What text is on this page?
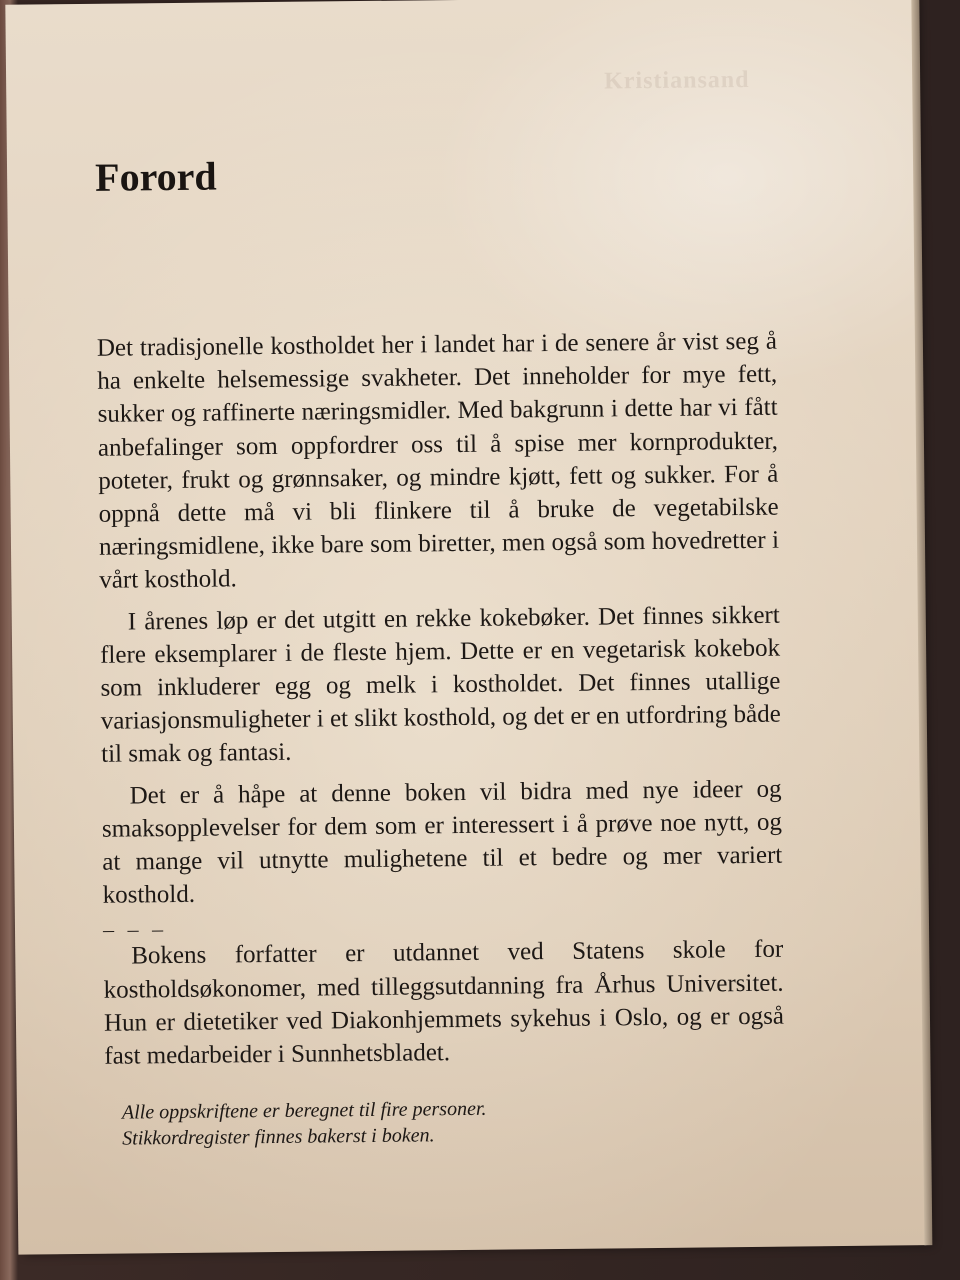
Kristiansand
Forord

Det tradisjonelle kostholdet her i landet har i de senere år vist seg å ha enkelte helsemessige svakheter. Det inneholder for mye fett, sukker og raffinerte næringsmidler. Med bakgrunn i dette har vi fått anbefalinger som oppfordrer oss til å spise mer kornprodukter, poteter, frukt og grønnsaker, og mindre kjøtt, fett og sukker. For å oppnå dette må vi bli flinkere til å bruke de vegetabilske næringsmidlene, ikke bare som biretter, men også som hovedretter i vårt kosthold.

I årenes løp er det utgitt en rekke kokebøker. Det finnes sikkert flere eksemplarer i de fleste hjem. Dette er en vegetarisk kokebok som inkluderer egg og melk i kostholdet. Det finnes utallige variasjonsmuligheter i et slikt kosthold, og det er en utfordring både til smak og fantasi.

Det er å håpe at denne boken vil bidra med nye ideer og smaksopplevelser for dem som er interessert i å prøve noe nytt, og at mange vil utnytte mulighetene til et bedre og mer variert kosthold.

– – –

Bokens forfatter er utdannet ved Statens skole for kostholdsøkonomer, med tilleggsutdanning fra Århus Universitet. Hun er dietetiker ved Diakonhjemmets sykehus i Oslo, og er også fast medarbeider i Sunnhetsbladet.

Alle oppskriftene er beregnet til fire personer.
Stikkordregister finnes bakerst i boken.
